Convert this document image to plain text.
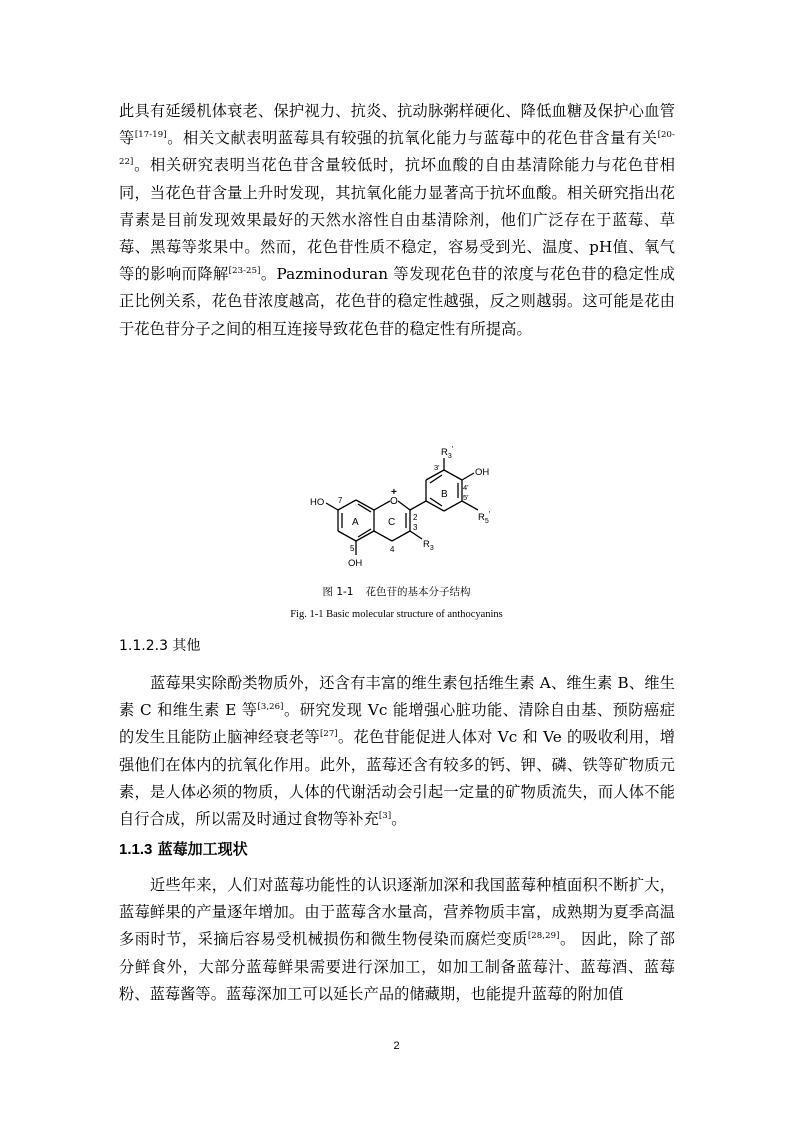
此具有延缓机体衰老、保护视力、抗炎、抗动脉粥样硬化、降低血糖及保护心血管等[17-19]。相关文献表明蓝莓具有较强的抗氧化能力与蓝莓中的花色苷含量有关[20-22]。相关研究表明当花色苷含量较低时，抗坏血酸的自由基清除能力与花色苷相同，当花色苷含量上升时发现，其抗氧化能力显著高于抗坏血酸。相关研究指出花青素是目前发现效果最好的天然水溶性自由基清除剂，他们广泛存在于蓝莓、草莓、黑莓等浆果中。然而，花色苷性质不稳定，容易受到光、温度、pH值、氧气等的影响而降解[23-25]。Pazminoduran 等发现花色苷的浓度与花色苷的稳定性成正比例关系，花色苷浓度越高，花色苷的稳定性越强，反之则越弱。这可能是花由于花色苷分子之间的相互连接导致花色苷的稳定性有所提高。

HO 7
A	C
B
+
O
2
3
4
5
OH
$R_3$
$R_3'$
3'	OH
4'
5'
$R_5'$
图 1-1 花色苷的基本分子结构
Fig. 1-1 Basic molecular structure of anthocyanins
1.1.2.3 其他

蓝莓果实除酚类物质外，还含有丰富的维生素包括维生素 A、维生素 B、维生素 C 和维生素 E 等[3,26]。研究发现 Vc 能增强心脏功能、清除自由基、预防癌症的发生且能防止脑神经衰老等[27]。花色苷能促进人体对 Vc 和 Ve 的吸收利用，增强他们在体内的抗氧化作用。此外，蓝莓还含有较多的钙、钾、磷、铁等矿物质元素，是人体必须的物质，人体的代谢活动会引起一定量的矿物质流失，而人体不能自行合成，所以需及时通过食物等补充[3]。

1.1.3 蓝莓加工现状

近些年来，人们对蓝莓功能性的认识逐渐加深和我国蓝莓种植面积不断扩大，蓝莓鲜果的产量逐年增加。由于蓝莓含水量高，营养物质丰富，成熟期为夏季高温多雨时节，采摘后容易受机械损伤和微生物侵染而腐烂变质[28,29]。 因此，除了部分鲜食外，大部分蓝莓鲜果需要进行深加工，如加工制备蓝莓汁、蓝莓酒、蓝莓粉、蓝莓酱等。蓝莓深加工可以延长产品的储藏期，也能提升蓝莓的附加值

2
